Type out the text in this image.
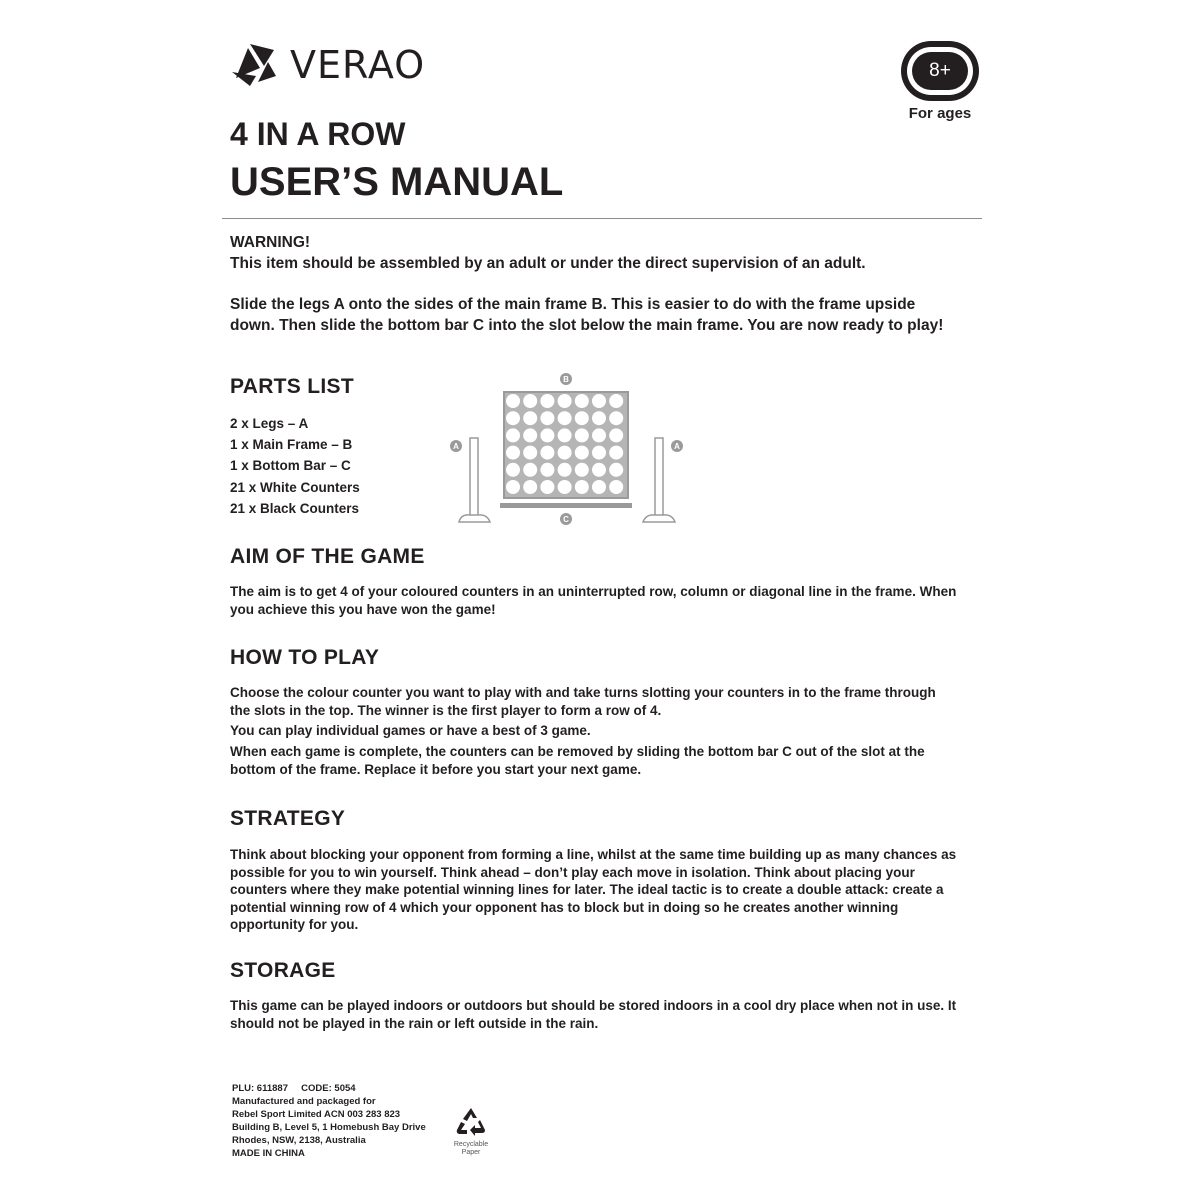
VERAO	8+
For ages
4 IN A ROW
USER’S MANUAL
WARNING!
This item should be assembled by an adult or under the direct supervision of an adult.
Slide the legs A onto the sides of the main frame B. This is easier to do with the frame upside
down. Then slide the bottom bar C into the slot below the main frame. You are now ready to play!
PARTS LIST
2 x Legs – A
1 x Main Frame – B
1 x Bottom Bar – C
21 x White Counters
21 x Black Counters
B
C
A	A
AIM OF THE GAME
The aim is to get 4 of your coloured counters in an uninterrupted row, column or diagonal line in the frame. When
you achieve this you have won the game!
HOW TO PLAY
Choose the colour counter you want to play with and take turns slotting your counters in to the frame through
the slots in the top. The winner is the first player to form a row of 4.
You can play individual games or have a best of 3 game.
When each game is complete, the counters can be removed by sliding the bottom bar C out of the slot at the
bottom of the frame. Replace it before you start your next game.
STRATEGY
Think about blocking your opponent from forming a line, whilst at the same time building up as many chances as
possible for you to win yourself. Think ahead – don’t play each move in isolation. Think about placing your
counters where they make potential winning lines for later. The ideal tactic is to create a double attack: create a
potential winning row of 4 which your opponent has to block but in doing so he creates another winning
opportunity for you.
STORAGE
This game can be played indoors or outdoors but should be stored indoors in a cool dry place when not in use. It
should not be played in the rain or left outside in the rain.
PLU: 611887     CODE: 5054
Manufactured and packaged for
Rebel Sport Limited ACN 003 283 823
Building B, Level 5, 1 Homebush Bay Drive
Rhodes, NSW, 2138, Australia
MADE IN CHINA
Recyclable
Paper
